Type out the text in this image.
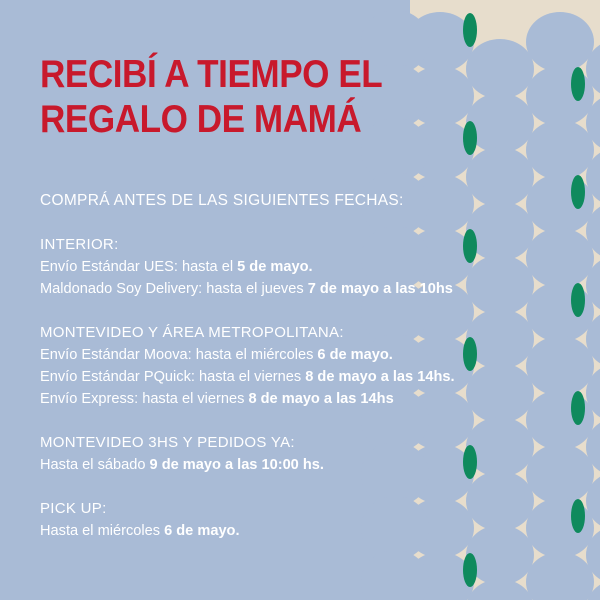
RECIBÍ A TIEMPO EL
REGALO DE MAMÁ
COMPRÁ ANTES DE LAS SIGUIENTES FECHAS:
INTERIOR:
Envío Estándar UES: hasta el 5 de mayo.
Maldonado Soy Delivery: hasta el jueves 7 de mayo a las 10hs
MONTEVIDEO Y ÁREA METROPOLITANA:
Envío Estándar Moova: hasta el miércoles 6 de mayo.
Envío Estándar PQuick: hasta el viernes 8 de mayo a las 14hs.
Envío Express: hasta el viernes 8 de mayo a las 14hs
MONTEVIDEO 3HS Y PEDIDOS YA:
Hasta el sábado 9 de mayo a las 10:00 hs.
PICK UP:
Hasta el miércoles 6 de mayo.
